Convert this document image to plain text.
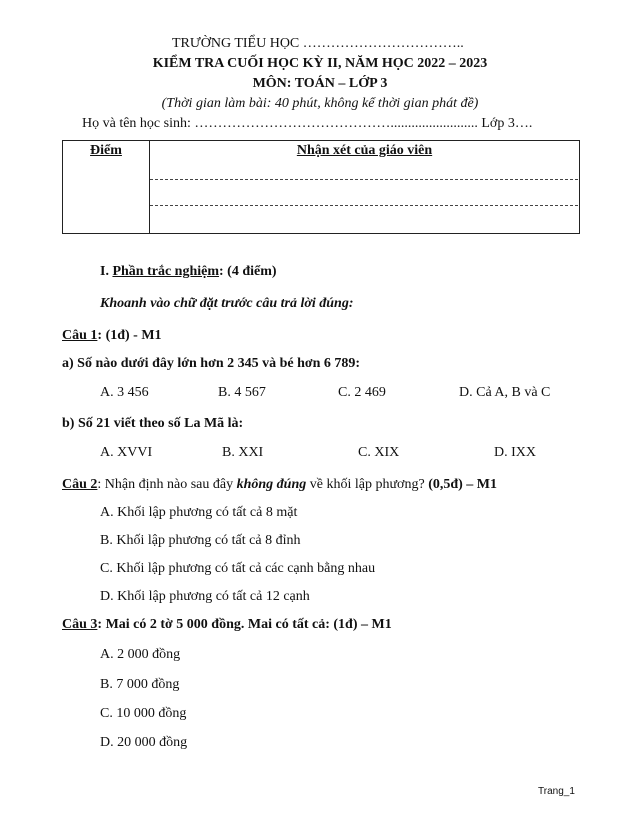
TRƯỜNG TIỂU HỌC ……………………………..
KIỂM TRA CUỐI HỌC KỲ II, NĂM HỌC 2022 – 2023
MÔN: TOÁN – LỚP 3
(Thời gian làm bài: 40 phút, không kể thời gian phát đề)
Họ và tên học sinh: ……………………………………......................... Lớp 3….
Điểm	Nhận xét của giáo viên
I. Phần trắc nghiệm: (4 điểm)
Khoanh vào chữ đặt trước câu trả lời đúng:
Câu 1: (1đ) - M1
a) Số nào dưới đây lớn hơn 2 345 và bé hơn 6 789:
A. 3 456	B. 4 567	C. 2 469	D. Cả A, B và C
b) Số 21 viết theo số La Mã là:
A. XVVI	B. XXI	C. XIX	D. IXX
Câu 2: Nhận định nào sau đây không đúng về khối lập phương? (0,5đ) – M1
A. Khối lập phương có tất cả 8 mặt
B. Khối lập phương có tất cả 8 đỉnh
C. Khối lập phương có tất cả các cạnh bằng nhau
D. Khối lập phương có tất cả 12 cạnh
Câu 3: Mai có 2 tờ 5 000 đồng. Mai có tất cả: (1đ) – M1
A. 2 000 đồng
B. 7 000 đồng
C. 10 000 đồng
D. 20 000 đồng
Trang_1
